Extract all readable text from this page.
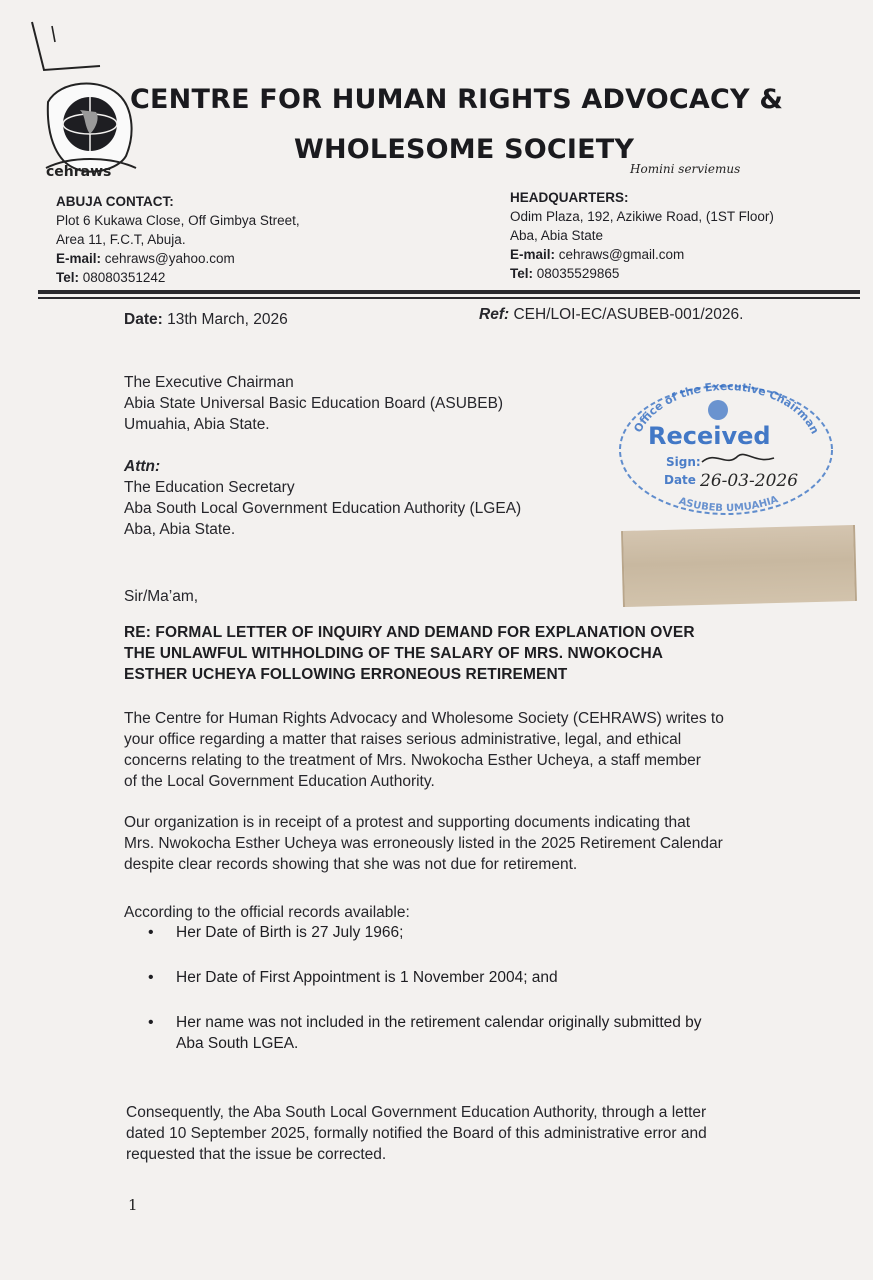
cehraws
CENTRE FOR HUMAN RIGHTS ADVOCACY &
WHOLESOME SOCIETY
Homini serviemus
ABUJA CONTACT:
Plot 6 Kukawa Close, Off Gimbya Street,
Area 11, F.C.T, Abuja.
E-mail: cehraws@yahoo.com
Tel: 08080351242
HEADQUARTERS:
Odim Plaza, 192, Azikiwe Road, (1ST Floor)
Aba, Abia State
E-mail: cehraws@gmail.com
Tel: 08035529865
Date: 13th March, 2026	Ref: CEH/LOI-EC/ASUBEB-001/2026.
The Executive Chairman
Abia State Universal Basic Education Board (ASUBEB)
Umuahia, Abia State.
Attn:
The Education Secretary
Aba South Local Government Education Authority (LGEA)
Aba, Abia State.
Office of the Executive Chairman
Received
Sign:
Date 26-03-2026
ASUBEB UMUAHIA
Sir/Ma’am,
RE: FORMAL LETTER OF INQUIRY AND DEMAND FOR EXPLANATION OVER
THE UNLAWFUL WITHHOLDING OF THE SALARY OF MRS. NWOKOCHA
ESTHER UCHEYA FOLLOWING ERRONEOUS RETIREMENT
The Centre for Human Rights Advocacy and Wholesome Society (CEHRAWS) writes to
your office regarding a matter that raises serious administrative, legal, and ethical
concerns relating to the treatment of Mrs. Nwokocha Esther Ucheya, a staff member
of the Local Government Education Authority.
Our organization is in receipt of a protest and supporting documents indicating that
Mrs. Nwokocha Esther Ucheya was erroneously listed in the 2025 Retirement Calendar
despite clear records showing that she was not due for retirement.
According to the official records available:
• Her Date of Birth is 27 July 1966;
• Her Date of First Appointment is 1 November 2004; and
• Her name was not included in the retirement calendar originally submitted by
Aba South LGEA.
Consequently, the Aba South Local Government Education Authority, through a letter
dated 10 September 2025, formally notified the Board of this administrative error and
requested that the issue be corrected.
1
